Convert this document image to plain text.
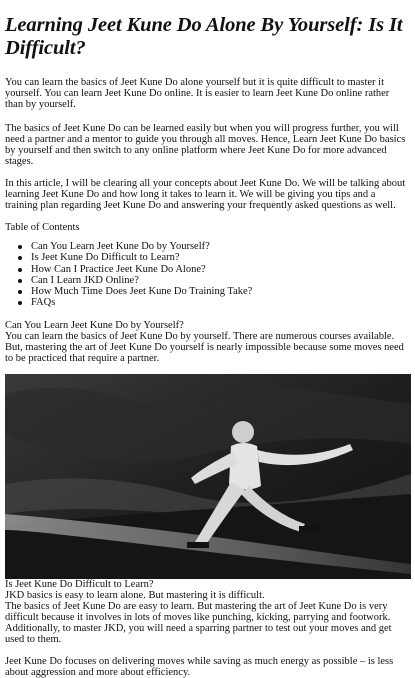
Learning Jeet Kune Do Alone By Yourself: Is It Difficult?

You can learn the basics of Jeet Kune Do alone yourself but it is quite difficult to master it yourself. You can learn Jeet Kune Do online. It is easier to learn Jeet Kune Do online rather than by yourself.

The basics of Jeet Kune Do can be learned easily but when you will progress further, you will need a partner and a mentor to guide you through all moves. Hence, Learn Jeet Kune Do basics by yourself and then switch to any online platform where Jeet Kune Do for more advanced stages.

In this article, I will be clearing all your concepts about Jeet Kune Do. We will be talking about learning Jeet Kune Do and how long it takes to learn it. We will be giving you tips and a training plan regarding Jeet Kune Do and answering your frequently asked questions as well.

Table of Contents

Can You Learn Jeet Kune Do by Yourself?
Is Jeet Kune Do Difficult to Learn?
How Can I Practice Jeet Kune Do Alone?
Can I Learn JKD Online?
How Much Time Does Jeet Kune Do Training Take?
FAQs

Can You Learn Jeet Kune Do by Yourself?

You can learn the basics of Jeet Kune Do by yourself. There are numerous courses available. But, mastering the art of Jeet Kune Do yourself is nearly impossible because some moves need to be practiced that require a partner.

Is Jeet Kune Do Difficult to Learn?

JKD basics is easy to learn alone. But mastering it is difficult.

The basics of Jeet Kune Do are easy to learn. But mastering the art of Jeet Kune Do is very difficult because it involves in lots of moves like punching, kicking, parrying and footwork. Additionally, to master JKD, you will need a sparring partner to test out your moves and get used to them.

Jeet Kune Do focuses on delivering moves while saving as much energy as possible – is less about aggression and more about efficiency.
